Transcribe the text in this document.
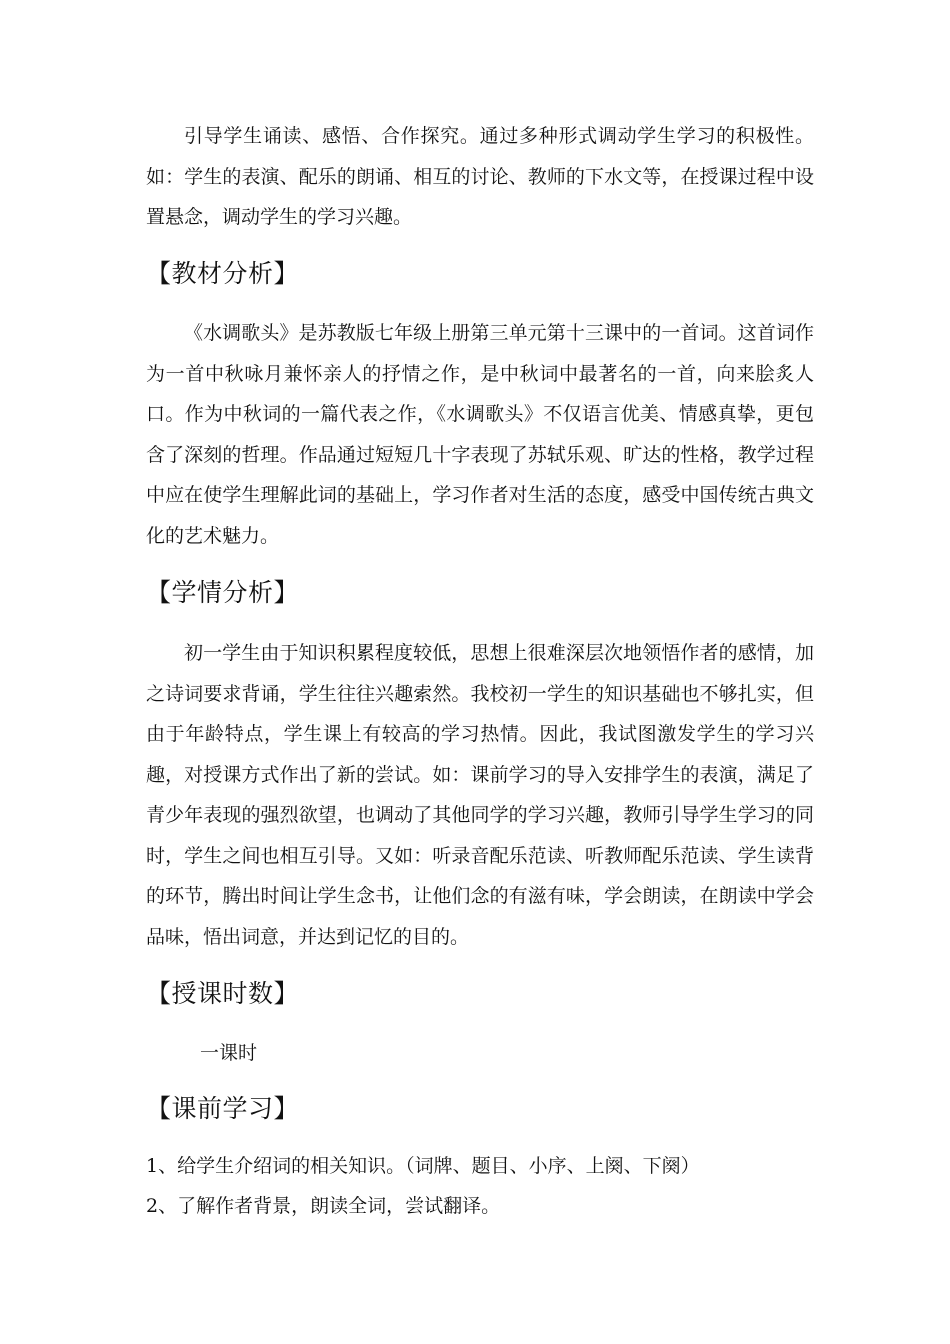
引导学生诵读、感悟、合作探究。通过多种形式调动学生学习的积极性。如：学生的表演、配乐的朗诵、相互的讨论、教师的下水文等，在授课过程中设置悬念，调动学生的学习兴趣。

【教材分析】

《水调歌头》是苏教版七年级上册第三单元第十三课中的一首词。这首词作为一首中秋咏月兼怀亲人的抒情之作，是中秋词中最著名的一首，向来脍炙人口。作为中秋词的一篇代表之作，《水调歌头》不仅语言优美、情感真挚，更包含了深刻的哲理。作品通过短短几十字表现了苏轼乐观、旷达的性格，教学过程中应在使学生理解此词的基础上，学习作者对生活的态度，感受中国传统古典文化的艺术魅力。

【学情分析】

初一学生由于知识积累程度较低，思想上很难深层次地领悟作者的感情，加之诗词要求背诵，学生往往兴趣索然。我校初一学生的知识基础也不够扎实，但由于年龄特点，学生课上有较高的学习热情。因此，我试图激发学生的学习兴趣，对授课方式作出了新的尝试。如：课前学习的导入安排学生的表演，满足了青少年表现的强烈欲望，也调动了其他同学的学习兴趣，教师引导学生学习的同时，学生之间也相互引导。又如：听录音配乐范读、听教师配乐范读、学生读背的环节，腾出时间让学生念书，让他们念的有滋有味，学会朗读，在朗读中学会品味，悟出词意，并达到记忆的目的。

【授课时数】

一课时

【课前学习】

1、给学生介绍词的相关知识。（词牌、题目、小序、上阕、下阕）

2、了解作者背景，朗读全词，尝试翻译。
